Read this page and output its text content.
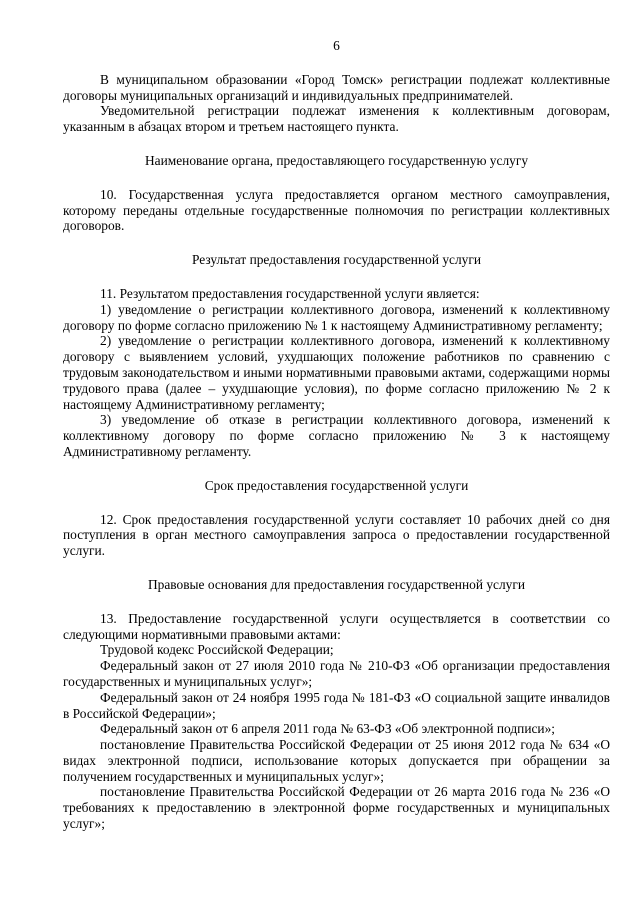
6

В муниципальном образовании «Город Томск» регистрации подлежат коллективные договоры муниципальных организаций и индивидуальных предпринимателей.

Уведомительной регистрации подлежат изменения к коллективным договорам, указанным в абзацах втором и третьем настоящего пункта.

Наименование органа, предоставляющего государственную услугу

10. Государственная услуга предоставляется органом местного самоуправления, которому переданы отдельные государственные полномочия по регистрации коллективных договоров.

Результат предоставления государственной услуги

11. Результатом предоставления государственной услуги является:

1) уведомление о регистрации коллективного договора, изменений к коллективному договору по форме согласно приложению № 1 к настоящему Административному регламенту;

2) уведомление о регистрации коллективного договора, изменений к коллективному договору с выявлением условий, ухудшающих положение работников по сравнению с трудовым законодательством и иными нормативными правовыми актами, содержащими нормы трудового права (далее – ухудшающие условия), по форме согласно приложению № 2 к настоящему Административному регламенту;

3) уведомление об отказе в регистрации коллективного договора, изменений к коллективному договору по форме согласно приложению № 3 к настоящему Административному регламенту.

Срок предоставления государственной услуги

12. Срок предоставления государственной услуги составляет 10 рабочих дней со дня поступления в орган местного самоуправления запроса о предоставлении государственной услуги.

Правовые основания для предоставления государственной услуги

13. Предоставление государственной услуги осуществляется в соответствии со следующими нормативными правовыми актами:

Трудовой кодекс Российской Федерации;

Федеральный закон от 27 июля 2010 года № 210-ФЗ «Об организации предоставления государственных и муниципальных услуг»;

Федеральный закон от 24 ноября 1995 года № 181-ФЗ «О социальной защите инвалидов в Российской Федерации»;

Федеральный закон от 6 апреля 2011 года № 63-ФЗ «Об электронной подписи»;

постановление Правительства Российской Федерации от 25 июня 2012 года № 634 «О видах электронной подписи, использование которых допускается при обращении за получением государственных и муниципальных услуг»;

постановление Правительства Российской Федерации от 26 марта 2016 года № 236 «О требованиях к предоставлению в электронной форме государственных и муниципальных услуг»;
